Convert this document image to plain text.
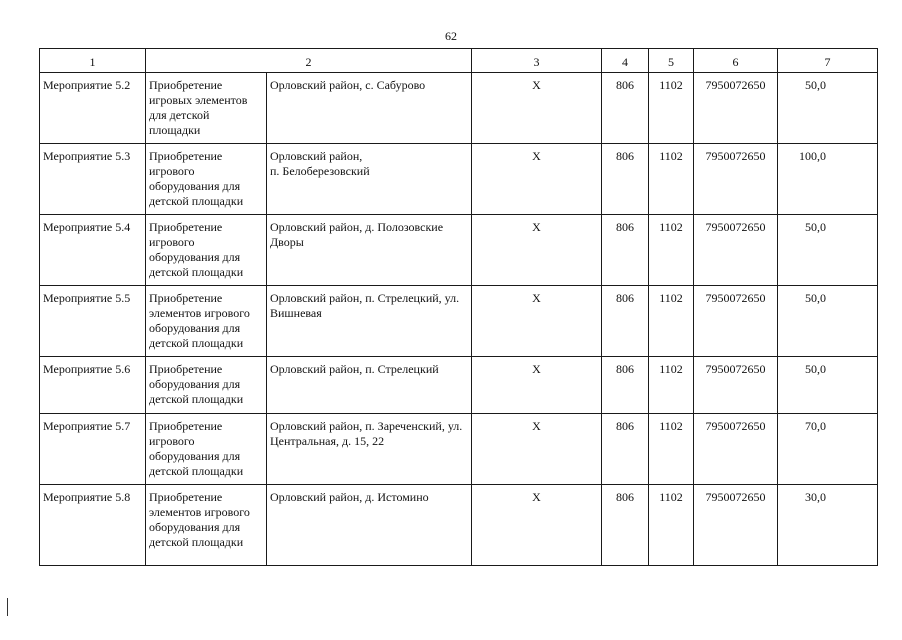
62
1	2		3	4	5	6	7
Мероприятие 5.2	Приобретение игровых элементов для детской площадки	Орловский район, с. Сабурово	Х	806	1102	7950072650	50,0
Мероприятие 5.3	Приобретение игрового оборудования для детской площадки	Орловский район,
п. Белоберезовский	Х	806	1102	7950072650	100,0
Мероприятие 5.4	Приобретение игрового оборудования для детской площадки	Орловский район, д. Полозовские Дворы	Х	806	1102	7950072650	50,0
Мероприятие 5.5	Приобретение элементов игрового оборудования для детской площадки	Орловский район, п. Стрелецкий, ул. Вишневая	Х	806	1102	7950072650	50,0
Мероприятие 5.6	Приобретение оборудования для детской площадки	Орловский район, п. Стрелецкий	Х	806	1102	7950072650	50,0
Мероприятие 5.7	Приобретение игрового оборудования для детской площадки	Орловский район, п. Зареченский, ул. Центральная, д. 15, 22	Х	806	1102	7950072650	70,0
Мероприятие 5.8	Приобретение элементов игрового оборудования для детской площадки	Орловский район, д. Истомино	Х	806	1102	7950072650	30,0
